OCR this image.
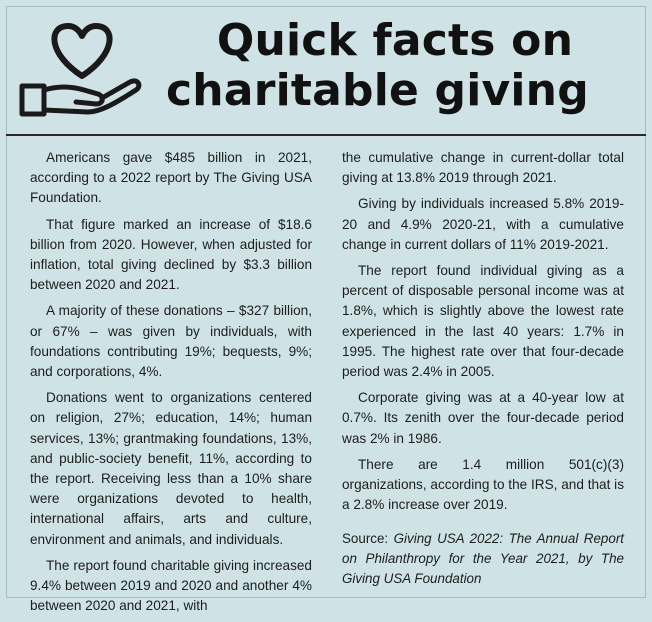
Quick facts on
charitable giving

Americans gave $485 billion in 2021, according to a 2022 report by The Giving USA Foundation.

That figure marked an increase of $18.6 billion from 2020. However, when adjusted for inflation, total giving declined by $3.3 billion between 2020 and 2021.

A majority of these donations – $327 billion, or 67% – was given by individuals, with foundations contributing 19%; bequests, 9%; and corporations, 4%.

Donations went to organizations centered on religion, 27%; education, 14%; human services, 13%; grantmaking foundations, 13%, and public-society benefit, 11%, according to the report. Receiving less than a 10% share were organizations devoted to health, international affairs, arts and culture, environment and animals, and individuals.

The report found charitable giving increased 9.4% between 2019 and 2020 and another 4% between 2020 and 2021, with

the cumulative change in current-dollar total giving at 13.8% 2019 through 2021.

Giving by individuals increased 5.8% 2019-20 and 4.9% 2020-21, with a cumulative change in current dollars of 11% 2019-2021.

The report found individual giving as a percent of disposable personal income was at 1.8%, which is slightly above the lowest rate experienced in the last 40 years: 1.7% in 1995. The highest rate over that four-decade period was 2.4% in 2005.

Corporate giving was at a 40-year low at 0.7%. Its zenith over the four-decade period was 2% in 1986.

There are 1.4 million 501(c)(3) organizations, according to the IRS, and that is a 2.8% increase over 2019.

Source: Giving USA 2022: The Annual Report on Philanthropy for the Year 2021, by The Giving USA Foundation
